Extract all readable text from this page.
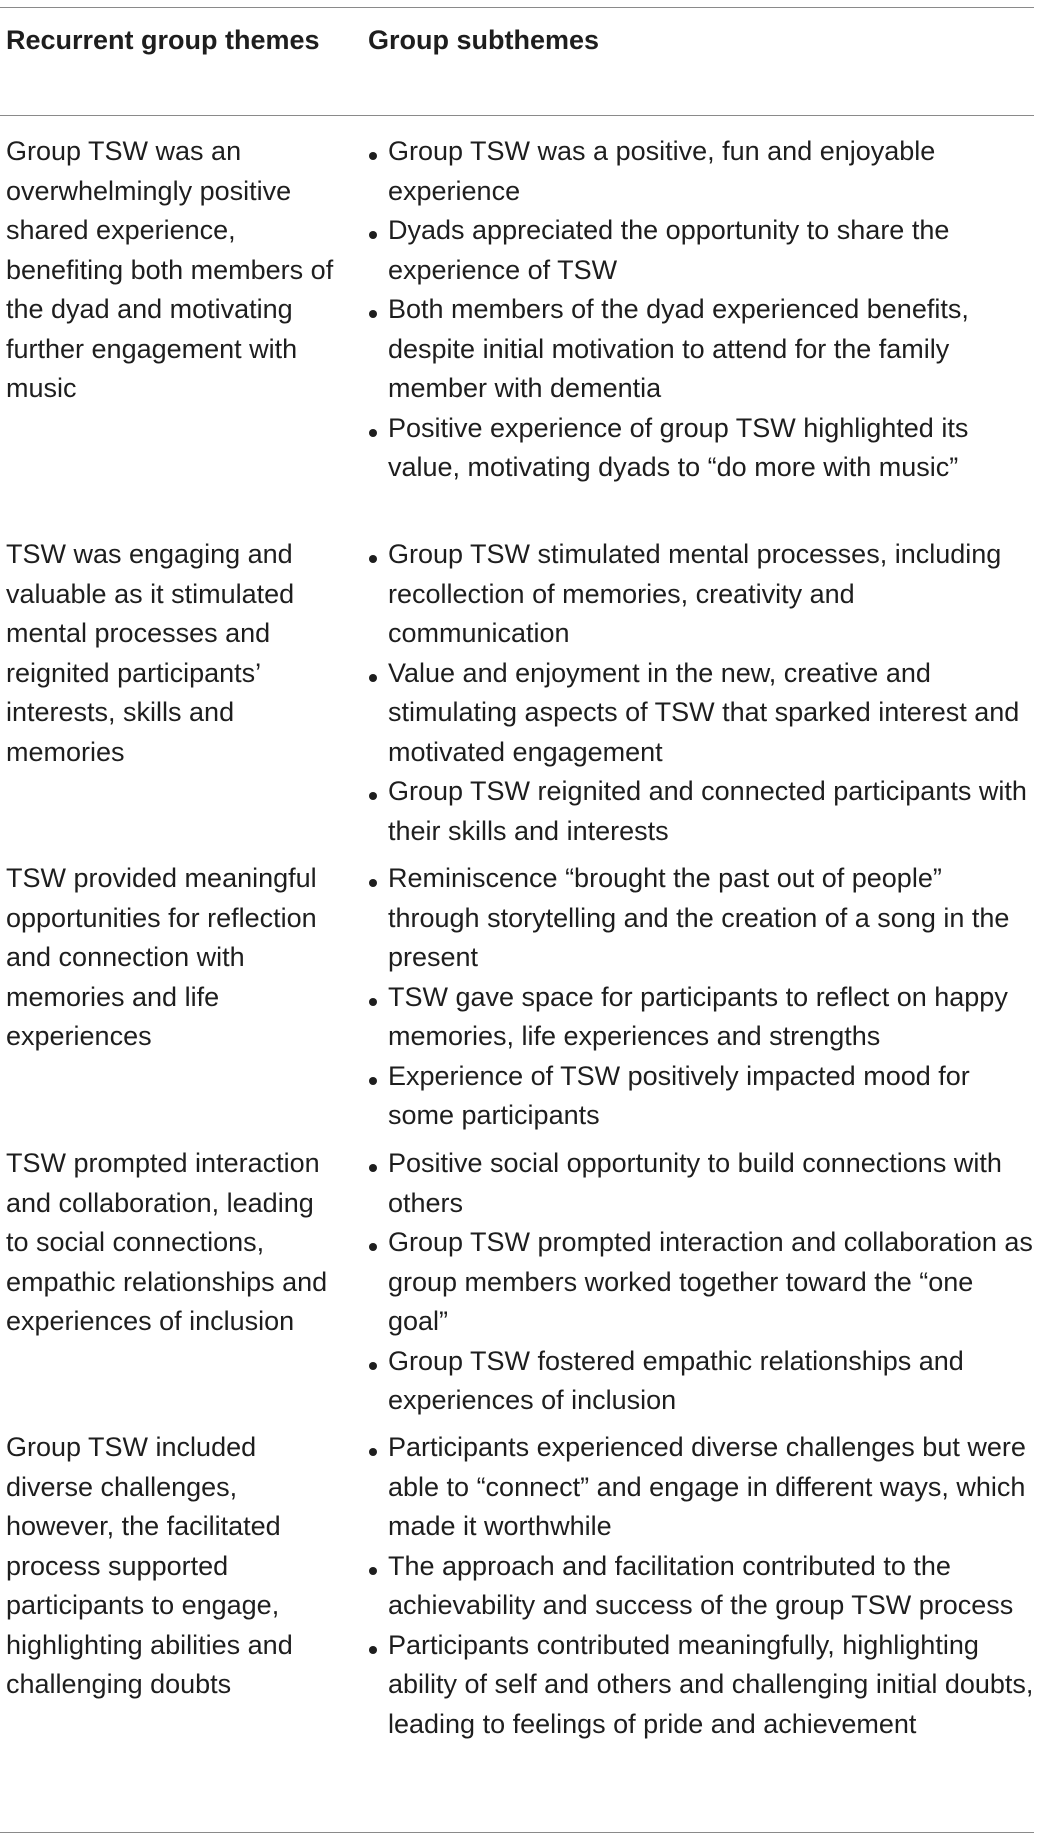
Recurrent group themes	Group subthemes
Group TSW was an overwhelmingly positive shared experience, benefiting both members of the dyad and motivating further engagement with music
Group TSW was a positive, fun and enjoyable experience
Dyads appreciated the opportunity to share the experience of TSW
Both members of the dyad experienced benefits, despite initial motivation to attend for the family member with dementia
Positive experience of group TSW highlighted its value, motivating dyads to “do more with music”
TSW was engaging and valuable as it stimulated mental processes and reignited participants’ interests, skills and memories
Group TSW stimulated mental processes, including recollection of memories, creativity and communication
Value and enjoyment in the new, creative and stimulating aspects of TSW that sparked interest and motivated engagement
Group TSW reignited and connected participants with their skills and interests
TSW provided meaningful opportunities for reflection and connection with memories and life experiences
Reminiscence “brought the past out of people” through storytelling and the creation of a song in the present
TSW gave space for participants to reflect on happy memories, life experiences and strengths
Experience of TSW positively impacted mood for some participants
TSW prompted interaction and collaboration, leading to social connections, empathic relationships and experiences of inclusion
Positive social opportunity to build connections with others
Group TSW prompted interaction and collaboration as group members worked together toward the “one goal”
Group TSW fostered empathic relationships and experiences of inclusion
Group TSW included diverse challenges, however, the facilitated process supported participants to engage, highlighting abilities and challenging doubts
Participants experienced diverse challenges but were able to “connect” and engage in different ways, which made it worthwhile
The approach and facilitation contributed to the achievability and success of the group TSW process
Participants contributed meaningfully, highlighting ability of self and others and challenging initial doubts, leading to feelings of pride and achievement
